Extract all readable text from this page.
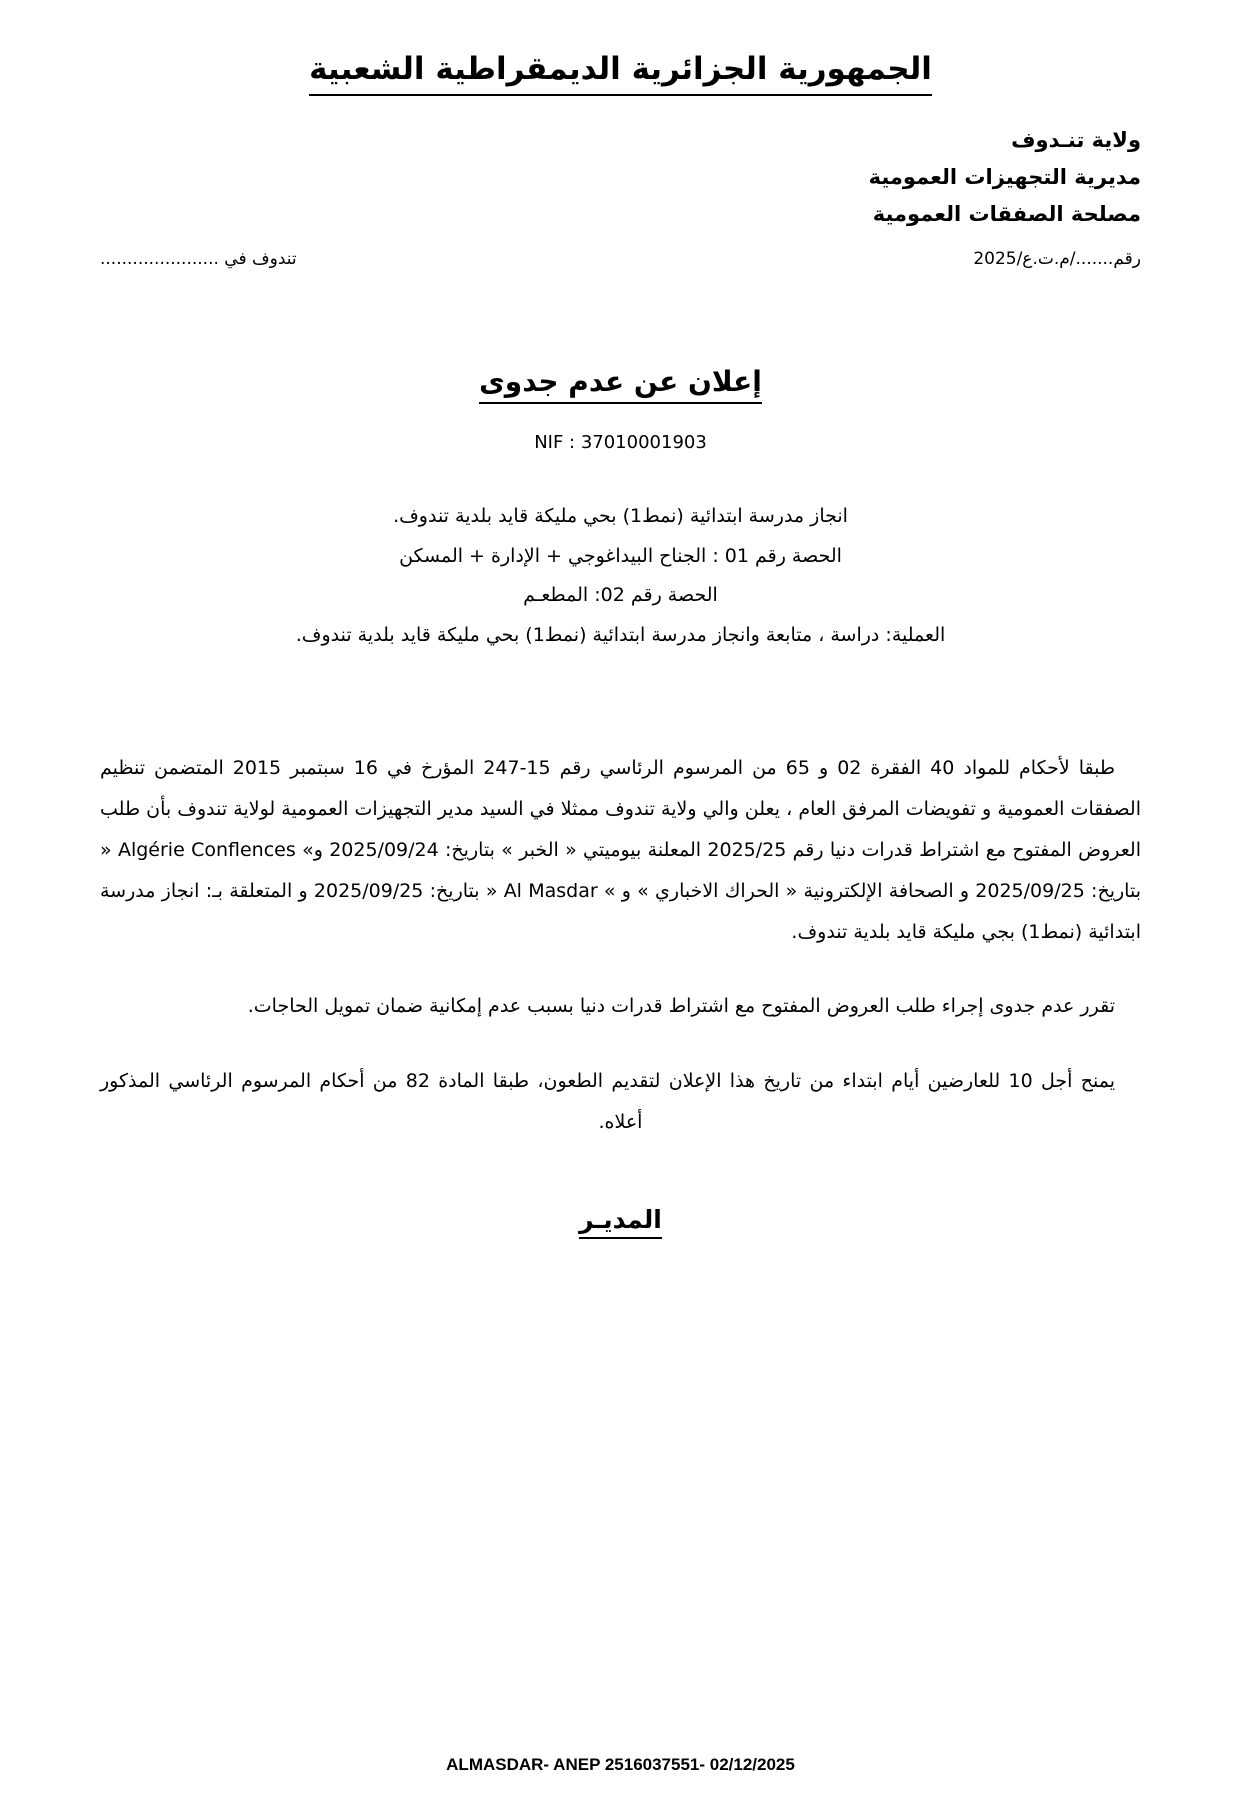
الجمهورية الجزائرية الديمقراطية الشعبية
ولاية تنـدوف
مديرية التجهيزات العمومية
مصلحة الصفقات العمومية
رقم......./م.ت.ع/2025
تندوف في ......................
إعلان عن عدم جدوى
NIF : 37010001903
انجاز مدرسة ابتدائية (نمط1) بحي مليكة قايد بلدية تندوف.
الحصة رقم 01 : الجناح البيداغوجي + الإدارة + المسكن
الحصة رقم 02: المطعـم
العملية: دراسة ، متابعة وانجاز مدرسة ابتدائية (نمط1) بحي مليكة قايد بلدية تندوف.

طبقا لأحكام للمواد 40 الفقرة 02 و 65 من المرسوم الرئاسي رقم 15-247 المؤرخ في 16 سبتمبر 2015 المتضمن تنظيم الصفقات العمومية و تفويضات المرفق العام ، يعلن والي ولاية تندوف ممثلا في السيد مدير التجهيزات العمومية لولاية تندوف بأن طلب العروض المفتوح مع اشتراط قدرات دنيا رقم 2025/25 المعلنة بيوميتي « الخبر » بتاريخ: 2025/09/24 و» Algérie Conflences « بتاريخ: 2025/09/25 و الصحافة الإلكترونية « الحراك الاخباري » و » Al Masdar « بتاريخ: 2025/09/25 و المتعلقة بـ: انجاز مدرسة ابتدائية (نمط1) بجي مليكة قايد بلدية تندوف.

تقرر عدم جدوى إجراء طلب العروض المفتوح مع اشتراط قدرات دنيا بسبب عدم إمكانية ضمان تمويل الحاجات.

يمنح أجل 10 للعارضين أيام ابتداء من تاريخ هذا الإعلان لتقديم الطعون، طبقا المادة 82 من أحكام المرسوم الرئاسي المذكور أعلاه.

المديـر
ALMASDAR- ANEP 2516037551- 02/12/2025
